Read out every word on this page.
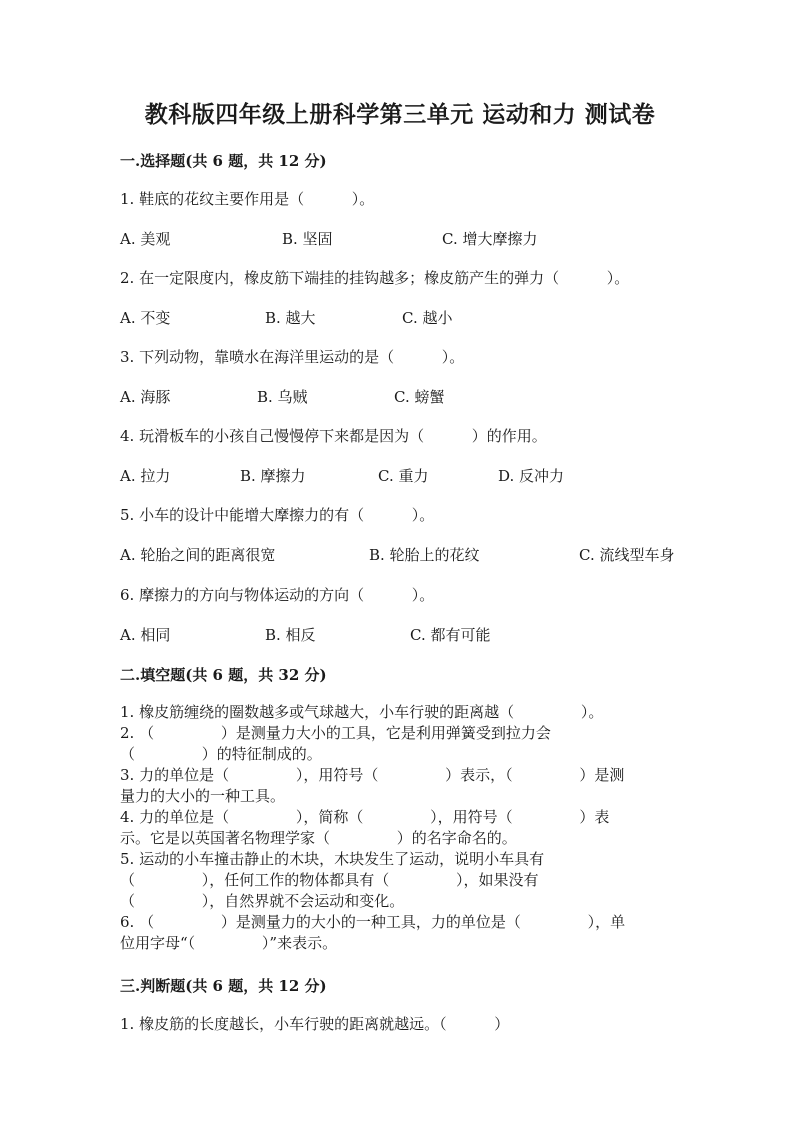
教科版四年级上册科学第三单元 运动和力 测试卷
一.选择题(共 6 题，共 12 分)
1. 鞋底的花纹主要作用是（          ）。
A. 美观	B. 坚固	C. 增大摩擦力
2. 在一定限度内，橡皮筋下端挂的挂钩越多；橡皮筋产生的弹力（          ）。
A. 不变	B. 越大	C. 越小
3. 下列动物，靠喷水在海洋里运动的是（          ）。
A. 海豚	B. 乌贼	C. 螃蟹
4. 玩滑板车的小孩自己慢慢停下来都是因为（          ）的作用。
A. 拉力	B. 摩擦力	C. 重力	D. 反冲力
5. 小车的设计中能增大摩擦力的有（          ）。
A. 轮胎之间的距离很宽	B. 轮胎上的花纹	C. 流线型车身
6. 摩擦力的方向与物体运动的方向（          ）。
A. 相同	B. 相反	C. 都有可能
二.填空题(共 6 题，共 32 分)
1. 橡皮筋缠绕的圈数越多或气球越大，小车行驶的距离越（              ）。
2. （              ）是测量力大小的工具，它是利用弹簧受到拉力会
（              ）的特征制成的。
3. 力的单位是（              ），用符号（              ）表示，（              ）是测
量力的大小的一种工具。
4. 力的单位是（              ），简称（              ），用符号（              ）表
示。它是以英国著名物理学家（              ）的名字命名的。
5. 运动的小车撞击静止的木块，木块发生了运动，说明小车具有
（              ），任何工作的物体都具有（              ），如果没有
（              ），自然界就不会运动和变化。
6. （              ）是测量力的大小的一种工具，力的单位是（              ），单
位用字母“（              ）”来表示。
三.判断题(共 6 题，共 12 分)
1. 橡皮筋的长度越长，小车行驶的距离就越远。（          ）
